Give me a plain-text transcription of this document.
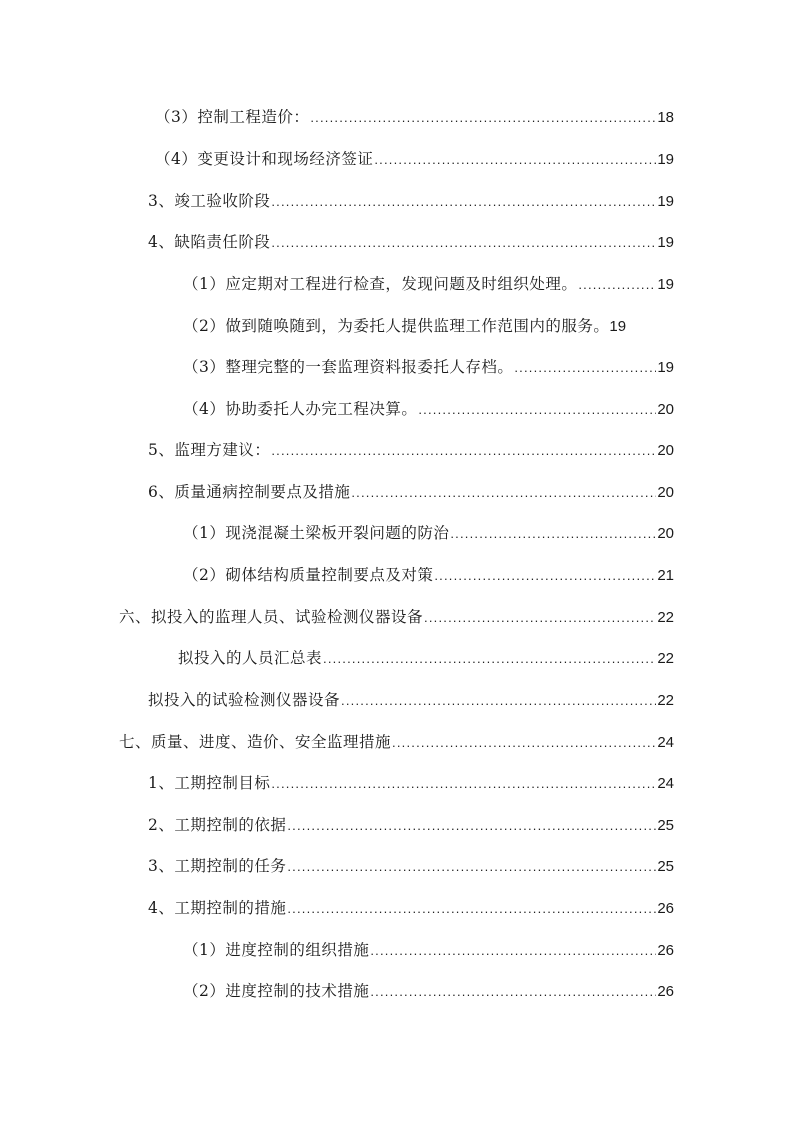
（3）控制工程造价： .....	18
（4）变更设计和现场经济签证 .....	19
3、竣工验收阶段 .....	19
4、缺陷责任阶段 .....	19
（1）应定期对工程进行检查，发现问题及时组织处理。 .....	19
（2）做到随唤随到，为委托人提供监理工作范围内的服务。 19
（3）整理完整的一套监理资料报委托人存档。 .....	19
（4）协助委托人办完工程决算。 .....	20
5、监理方建议： .....	20
6、质量通病控制要点及措施 .....	20
（1）现浇混凝土梁板开裂问题的防治 .....	20
（2）砌体结构质量控制要点及对策 .....	21
六、拟投入的监理人员、试验检测仪器设备 .....	22
拟投入的人员汇总表 .....	22
拟投入的试验检测仪器设备 .....	22
七、质量、进度、造价、安全监理措施 .....	24
1、工期控制目标 .....	24
2、工期控制的依据 .....	25
3、工期控制的任务 .....	25
4、工期控制的措施 .....	26
（1）进度控制的组织措施 .....	26
（2）进度控制的技术措施 .....	26
